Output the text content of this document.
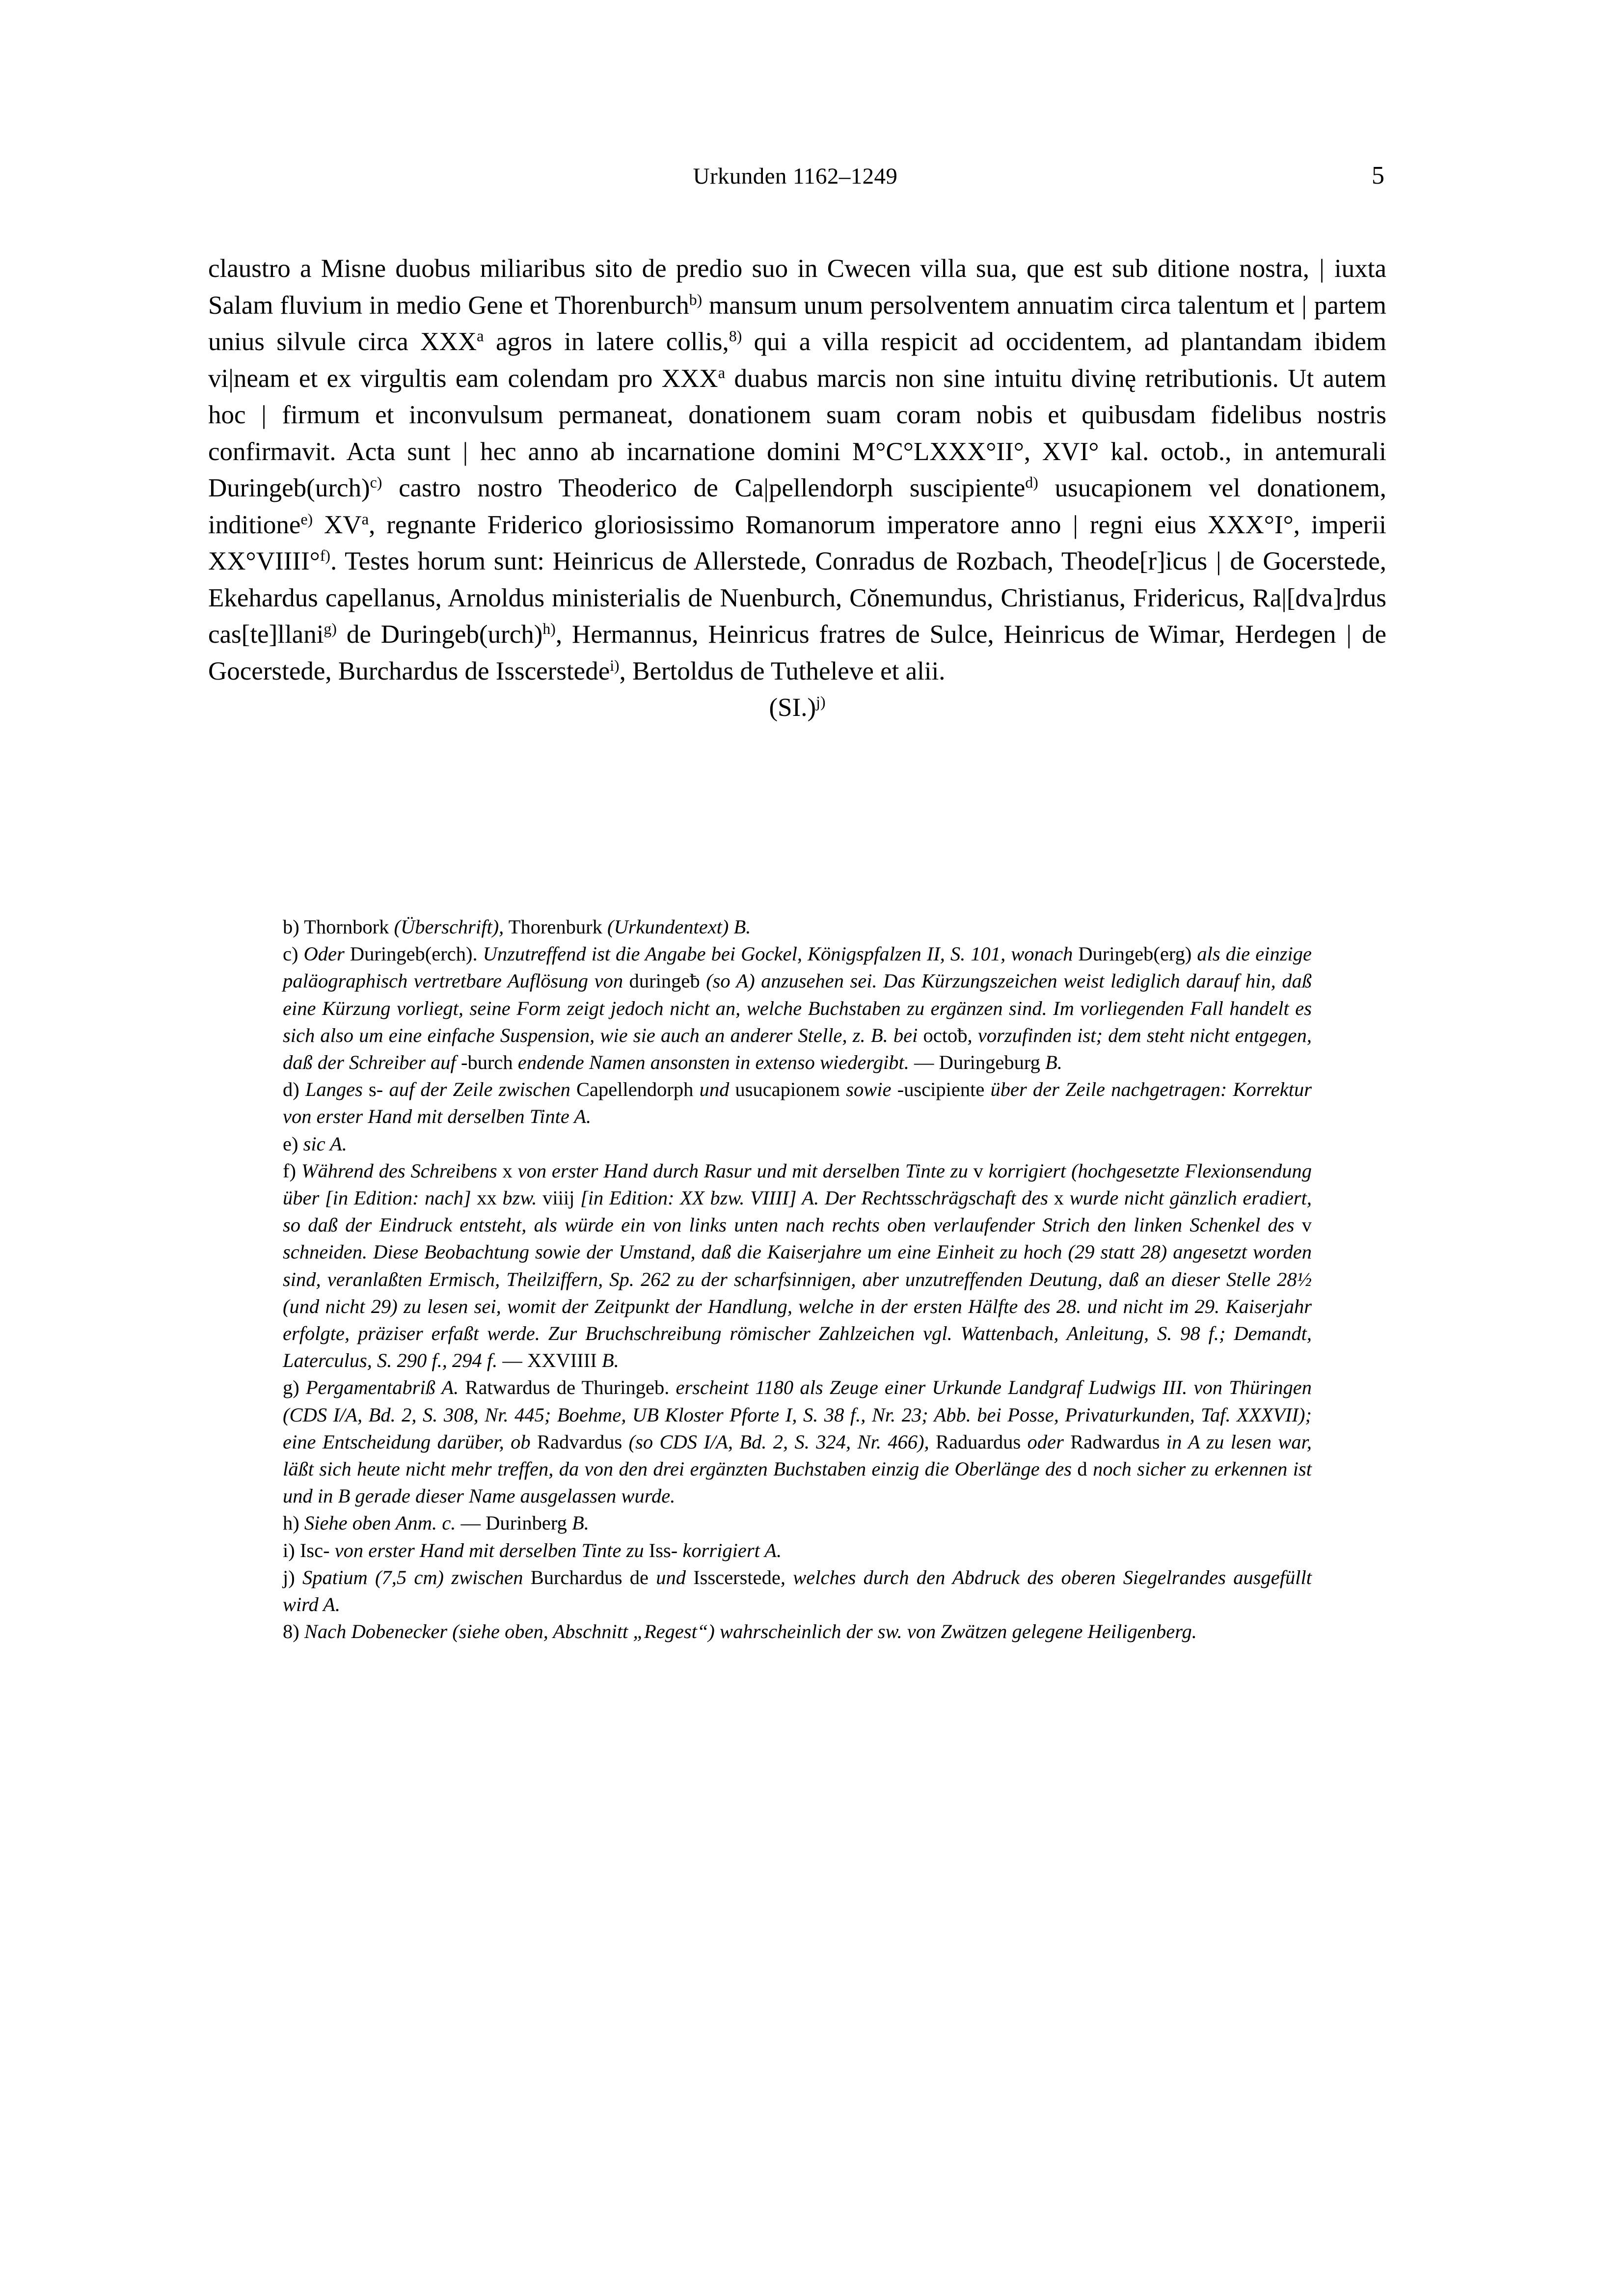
Urkunden 1162–1249	5

claustro a Misne duobus miliaribus sito de predio suo in Cwecen villa sua, que est sub ditione nostra, | iuxta Salam fluvium in medio Gene et Thorenburch$^{b)}$ mansum unum persolventem annuatim circa talentum et | partem unius silvule circa XXX$^a$ agros in latere collis,$^{8)}$ qui a villa respicit ad occidentem, ad plantandam ibidem vi|neam et ex virgultis eam colendam pro XXX$^a$ duabus marcis non sine intuitu divinę retributionis. Ut autem hoc | firmum et inconvulsum permaneat, donationem suam coram nobis et quibusdam fidelibus nostris confirmavit. Acta sunt | hec anno ab incarnatione domini M°C°LXXX°II°, XVI° kal. octob., in antemurali Duringeb(urch)$^{c)}$ castro nostro Theoderico de Ca|pellendorph suscipiente$^{d)}$ usucapionem vel donationem, inditione$^{e)}$ $XV^a$, regnante Friderico gloriosissimo Romanorum imperatore anno | regni eius XXX°I°, imperii XX°VIIII°$^{f)}$. Testes horum sunt: Heinricus de Allerstede, Conradus de Rozbach, Theode[r]icus | de Gocerstede, Ekehardus capellanus, Arnoldus ministerialis de Nuenburch, Cŏnemundus, Christianus, Fridericus, Ra|[dva]rdus cas[te]llani$^{g)}$ de Duringeb(urch)$^{h)}$, Hermannus, Heinricus fratres de Sulce, Heinricus de Wimar, Herdegen | de Gocerstede, Burchardus de Isscerstede$^{i)}$, Bertoldus de Tutheleve et alii.

(SI.)$^{j)}$

b) Thornbork (Überschrift), Thorenburk (Urkundentext) B.

c) Oder Duringeb(erch). Unzutreffend ist die Angabe bei Gockel, Königspfalzen II, S. 101, wonach Duringeb(erg) als die einzige paläographisch vertretbare Auflösung von duringeƀ (so A) anzusehen sei. Das Kürzungszeichen weist lediglich darauf hin, daß eine Kürzung vorliegt, seine Form zeigt jedoch nicht an, welche Buchstaben zu ergänzen sind. Im vorliegenden Fall handelt es sich also um eine einfache Suspension, wie sie auch an anderer Stelle, z. B. bei octoƀ, vorzufinden ist; dem steht nicht entgegen, daß der Schreiber auf -burch endende Namen ansonsten in extenso wiedergibt. — Duringeburg B.

d) Langes s- auf der Zeile zwischen Capellendorph und usucapionem sowie -uscipiente über der Zeile nachgetragen: Korrektur von erster Hand mit derselben Tinte A.

e) sic A.

f) Während des Schreibens x von erster Hand durch Rasur und mit derselben Tinte zu v korrigiert (hochgesetzte Flexionsendung über [in Edition: nach] xx bzw. viiij [in Edition: XX bzw. VIIII] A. Der Rechtsschrägschaft des x wurde nicht gänzlich eradiert, so daß der Eindruck entsteht, als würde ein von links unten nach rechts oben verlaufender Strich den linken Schenkel des v schneiden. Diese Beobachtung sowie der Umstand, daß die Kaiserjahre um eine Einheit zu hoch (29 statt 28) angesetzt worden sind, veranlaßten Ermisch, Theilziffern, Sp. 262 zu der scharfsinnigen, aber unzutreffenden Deutung, daß an dieser Stelle 28½ (und nicht 29) zu lesen sei, womit der Zeitpunkt der Handlung, welche in der ersten Hälfte des 28. und nicht im 29. Kaiserjahr erfolgte, präziser erfaßt werde. Zur Bruchschreibung römischer Zahlzeichen vgl. Wattenbach, Anleitung, S. 98 f.; Demandt, Laterculus, S. 290 f., 294 f. — XXVIIII B.

g) Pergamentabriß A. Ratwardus de Thuringeb. erscheint 1180 als Zeuge einer Urkunde Landgraf Ludwigs III. von Thüringen (CDS I/A, Bd. 2, S. 308, Nr. 445; Boehme, UB Kloster Pforte I, S. 38 f., Nr. 23; Abb. bei Posse, Privaturkunden, Taf. XXXVII); eine Entscheidung darüber, ob Radvardus (so CDS I/A, Bd. 2, S. 324, Nr. 466), Raduardus oder Radwardus in A zu lesen war, läßt sich heute nicht mehr treffen, da von den drei ergänzten Buchstaben einzig die Oberlänge des d noch sicher zu erkennen ist und in B gerade dieser Name ausgelassen wurde.

h) Siehe oben Anm. c. — Durinberg B.

i) Isc- von erster Hand mit derselben Tinte zu Iss- korrigiert A.

j) Spatium (7,5 cm) zwischen Burchardus de und Isscerstede, welches durch den Abdruck des oberen Siegelrandes ausgefüllt wird A.

8) Nach Dobenecker (siehe oben, Abschnitt „Regest“) wahrscheinlich der sw. von Zwätzen gelegene Heiligenberg.
